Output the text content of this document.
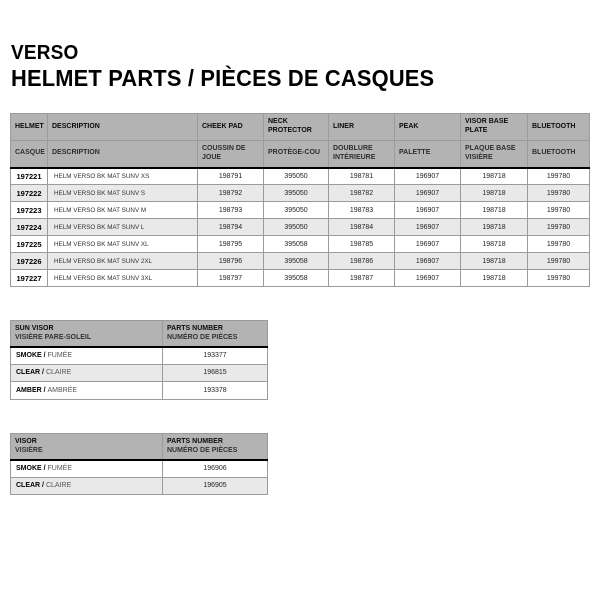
VERSO
HELMET PARTS / PIÈCES DE CASQUES
HELMET	DESCRIPTION	CHEEK PAD	NECK PROTECTOR	LINER	PEAK	VISOR BASE PLATE	BLUETOOTH
CASQUE	DESCRIPTION	COUSSIN DE JOUE	PROTÈGE-COU	DOUBLURE INTÉRIEURE	PALETTE	PLAQUE BASE VISIÈRE	BLUETOOTH
197221	HELM VERSO BK MAT SUNV XS	198791	395050	198781	196907	198718	199780
197222	HELM VERSO BK MAT SUNV S	198792	395050	198782	196907	198718	199780
197223	HELM VERSO BK MAT SUNV M	198793	395050	198783	196907	198718	199780
197224	HELM VERSO BK MAT SUNV L	198794	395050	198784	196907	198718	199780
197225	HELM VERSO BK MAT SUNV XL	198795	395058	198785	196907	198718	199780
197226	HELM VERSO BK MAT SUNV 2XL	198796	395058	198786	196907	198718	199780
197227	HELM VERSO BK MAT SUNV 3XL	198797	395058	198787	196907	198718	199780
SUN VISOR
VISIÈRE PARE-SOLEIL

PARTS NUMBER
NUMÉRO DE PIÈCES

SMOKE / FUMÉE	193377
CLEAR / CLAIRE	196815
AMBER / AMBRÉE	193378
VISOR
VISIÈRE

PARTS NUMBER
NUMÉRO DE PIÈCES

SMOKE / FUMÉE	196906
CLEAR / CLAIRE	196905
